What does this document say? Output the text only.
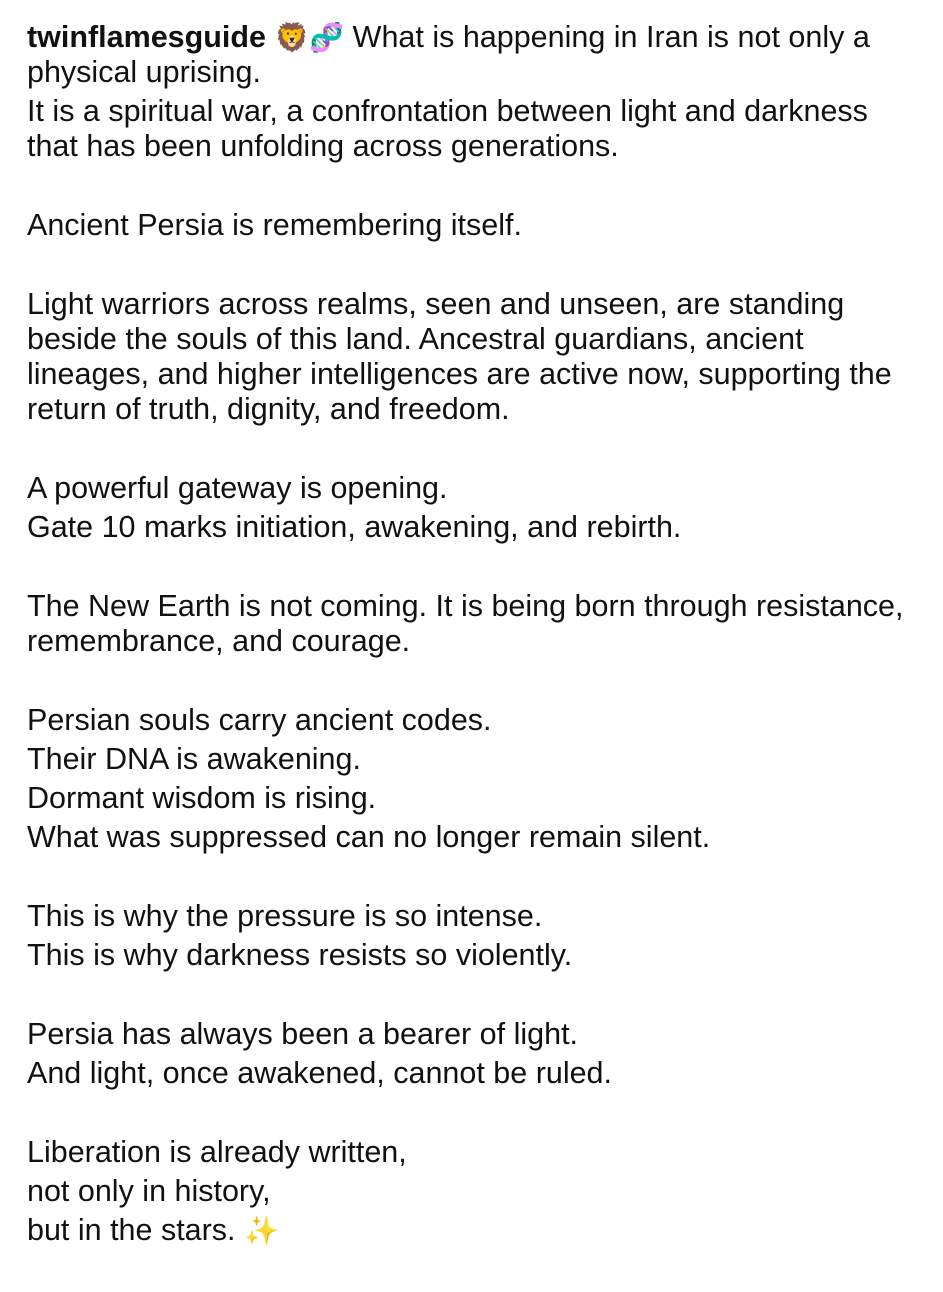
twinflamesguide 🦁🧬 What is happening in Iran is not only a physical uprising.
It is a spiritual war, a confrontation between light and darkness that has been unfolding across generations.
Ancient Persia is remembering itself.
Light warriors across realms, seen and unseen, are standing beside the souls of this land. Ancestral guardians, ancient lineages, and higher intelligences are active now, supporting the return of truth, dignity, and freedom.
A powerful gateway is opening.
Gate 10 marks initiation, awakening, and rebirth.
The New Earth is not coming. It is being born through resistance, remembrance, and courage.
Persian souls carry ancient codes.
Their DNA is awakening.
Dormant wisdom is rising.
What was suppressed can no longer remain silent.
This is why the pressure is so intense.
This is why darkness resists so violently.
Persia has always been a bearer of light.
And light, once awakened, cannot be ruled.
Liberation is already written,
not only in history,
but in the stars. ✨
